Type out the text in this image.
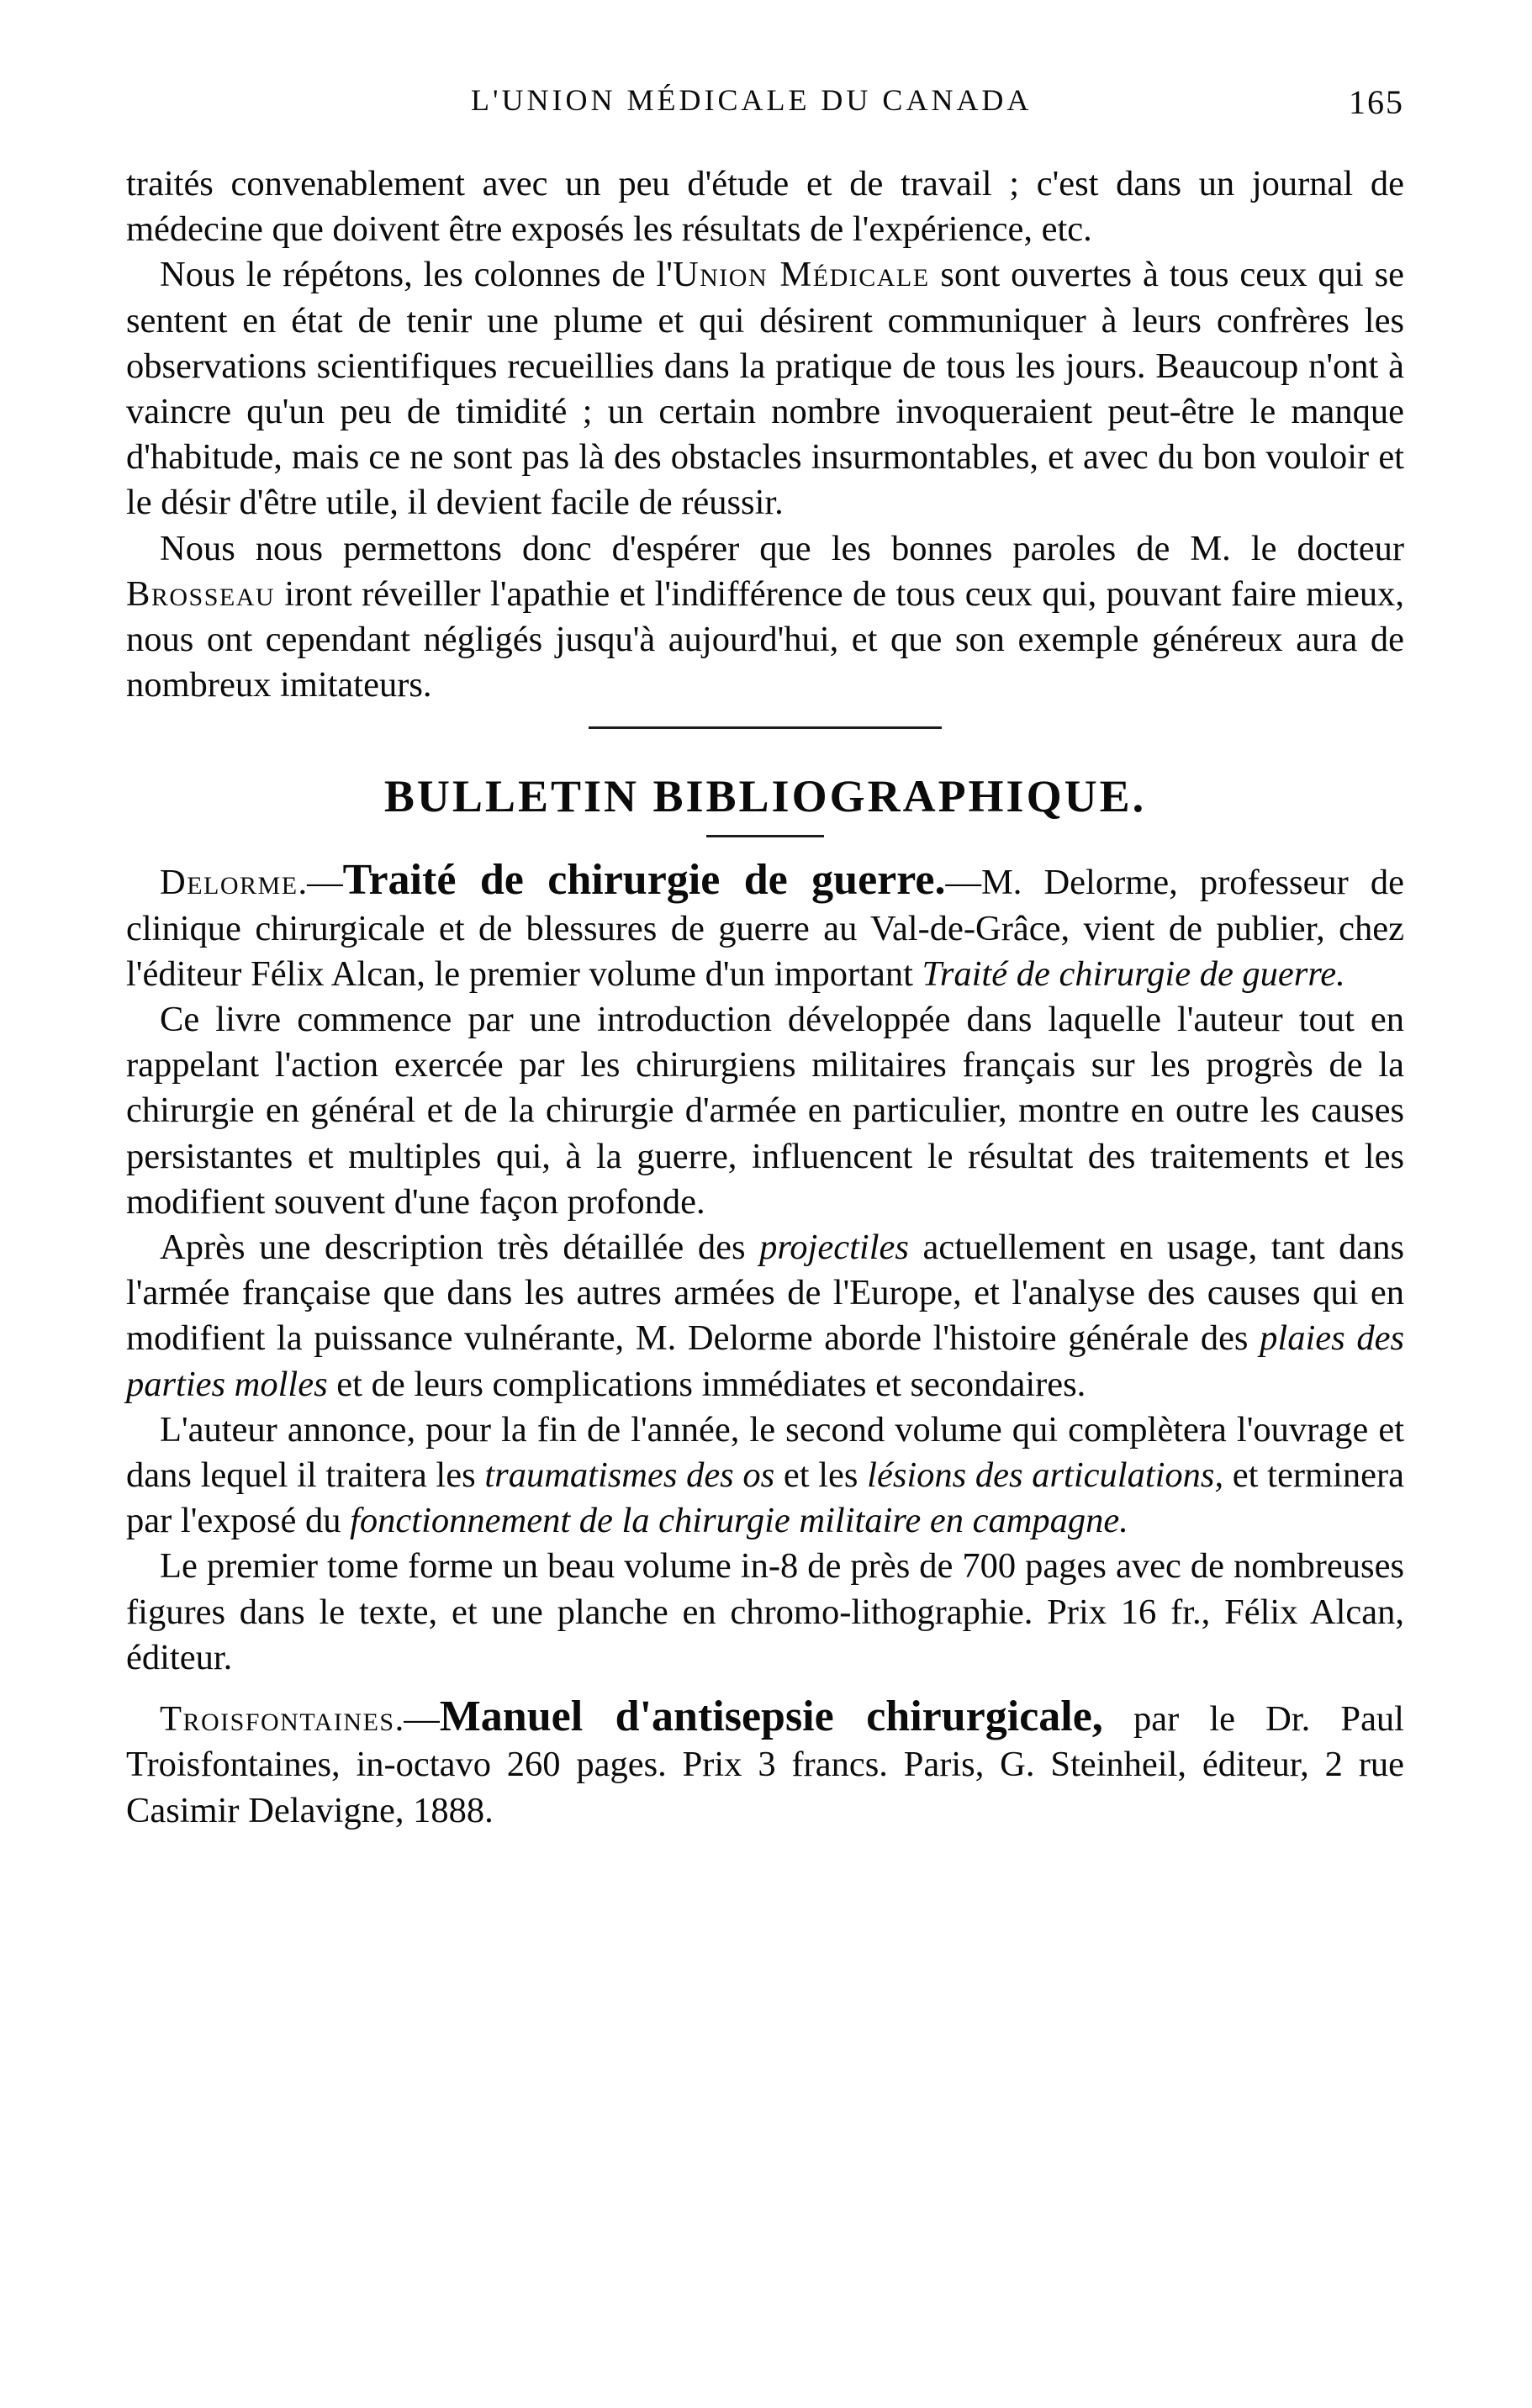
L'UNION MÉDICALE DU CANADA	165

traités convenablement avec un peu d'étude et de travail ; c'est dans un journal de médecine que doivent être exposés les résultats de l'expérience, etc.

Nous le répétons, les colonnes de l'Union Médicale sont ouvertes à tous ceux qui se sentent en état de tenir une plume et qui désirent communiquer à leurs confrères les observations scientifiques recueillies dans la pratique de tous les jours. Beaucoup n'ont à vaincre qu'un peu de timidité ; un certain nombre invoqueraient peut-être le manque d'habitude, mais ce ne sont pas là des obstacles insurmontables, et avec du bon vouloir et le désir d'être utile, il devient facile de réussir.

Nous nous permettons donc d'espérer que les bonnes paroles de M. le docteur Brosseau iront réveiller l'apathie et l'indifférence de tous ceux qui, pouvant faire mieux, nous ont cependant négligés jusqu'à aujourd'hui, et que son exemple généreux aura de nombreux imitateurs.

BULLETIN BIBLIOGRAPHIQUE.

Delorme.—Traité de chirurgie de guerre.—M. Delorme, professeur de clinique chirurgicale et de blessures de guerre au Val-de-Grâce, vient de publier, chez l'éditeur Félix Alcan, le premier volume d'un important Traité de chirurgie de guerre.

Ce livre commence par une introduction développée dans laquelle l'auteur tout en rappelant l'action exercée par les chirurgiens militaires français sur les progrès de la chirurgie en général et de la chirurgie d'armée en particulier, montre en outre les causes persistantes et multiples qui, à la guerre, influencent le résultat des traitements et les modifient souvent d'une façon profonde.

Après une description très détaillée des projectiles actuellement en usage, tant dans l'armée française que dans les autres armées de l'Europe, et l'analyse des causes qui en modifient la puissance vulnérante, M. Delorme aborde l'histoire générale des plaies des parties molles et de leurs complications immédiates et secondaires.

L'auteur annonce, pour la fin de l'année, le second volume qui complètera l'ouvrage et dans lequel il traitera les traumatismes des os et les lésions des articulations, et terminera par l'exposé du fonctionnement de la chirurgie militaire en campagne.

Le premier tome forme un beau volume in-8 de près de 700 pages avec de nombreuses figures dans le texte, et une planche en chromo-lithographie. Prix 16 fr., Félix Alcan, éditeur.

Troisfontaines.—Manuel d'antisepsie chirurgicale, par le Dr. Paul Troisfontaines, in-octavo 260 pages. Prix 3 francs. Paris, G. Steinheil, éditeur, 2 rue Casimir Delavigne, 1888.
